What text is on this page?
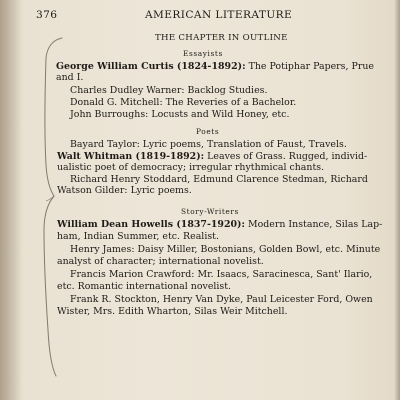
376	AMERICAN LITERATURE
THE CHAPTER IN OUTLINE
Essayists
George William Curtis (1824-1892): The Potiphar Papers, Prue
and I.
Charles Dudley Warner: Backlog Studies.
Donald G. Mitchell: The Reveries of a Bachelor.
John Burroughs: Locusts and Wild Honey, etc.
Poets
Bayard Taylor: Lyric poems, Translation of Faust, Travels.
Walt Whitman (1819-1892): Leaves of Grass. Rugged, individ-
ualistic poet of democracy; irregular rhythmical chants.
Richard Henry Stoddard, Edmund Clarence Stedman, Richard
Watson Gilder: Lyric poems.
Story-Writers
William Dean Howells (1837-1920): Modern Instance, Silas Lap-
ham, Indian Summer, etc. Realist.
Henry James: Daisy Miller, Bostonians, Golden Bowl, etc. Minute
analyst of character; international novelist.
Francis Marion Crawford: Mr. Isaacs, Saracinesca, Sant' Ilario,
etc. Romantic international novelist.
Frank R. Stockton, Henry Van Dyke, Paul Leicester Ford, Owen
Wister, Mrs. Edith Wharton, Silas Weir Mitchell.
